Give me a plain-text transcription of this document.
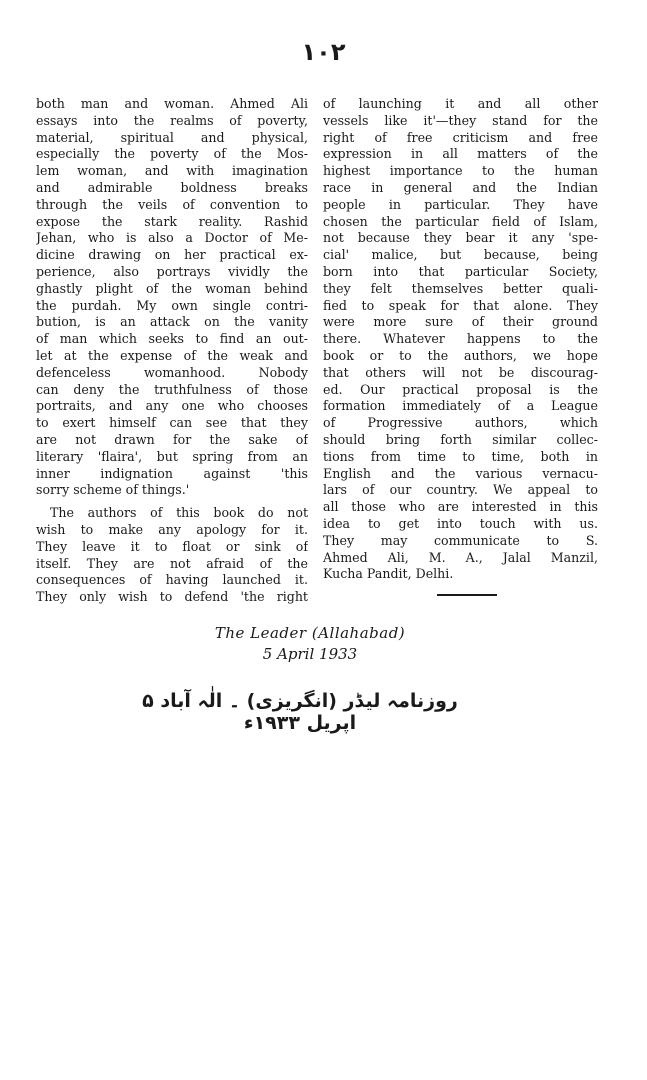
١٠٢
both man and woman. Ahmed Ali
essays into the realms of poverty,
material, spiritual and physical,
especially the poverty of the Mos-
lem woman, and with imagination
and admirable boldness breaks
through the veils of convention to
expose the stark reality. Rashid
Jehan, who is also a Doctor of Me-
dicine drawing on her practical ex-
perience, also portrays vividly the
ghastly plight of the woman behind
the purdah. My own single contri-
bution, is an attack on the vanity
of man which seeks to find an out-
let at the expense of the weak and
defenceless womanhood. Nobody
can deny the truthfulness of those
portraits, and any one who chooses
to exert himself can see that they
are not drawn for the sake of
literary 'flaira', but spring from an
inner indignation against 'this
sorry scheme of things.'
The authors of this book do not
wish to make any apology for it.
They leave it to float or sink of
itself. They are not afraid of the
consequences of having launched it.
They only wish to defend 'the right
of launching it and all other
vessels like it'—they stand for the
right of free criticism and free
expression in all matters of the
highest importance to the human
race in general and the Indian
people in particular. They have
chosen the particular field of Islam,
not because they bear it any 'spe-
cial' malice, but because, being
born into that particular Society,
they felt themselves better quali-
fied to speak for that alone. They
were more sure of their ground
there. Whatever happens to the
book or to the authors, we hope
that others will not be discourag-
ed. Our practical proposal is the
formation immediately of a League
of Progressive authors, which
should bring forth similar collec-
tions from time to time, both in
English and the various vernacu-
lars of our country. We appeal to
all those who are interested in this
idea to get into touch with us.
They may communicate to S.
Ahmed Ali, M. A., Jalal Manzil,
Kucha Pandit, Delhi.
The Leader (Allahabad)
5 April 1933
روزنامہ لیڈر (انگریزی) ۔ الٰہ آباد ۵ اپریل ۱۹۳۳ء
